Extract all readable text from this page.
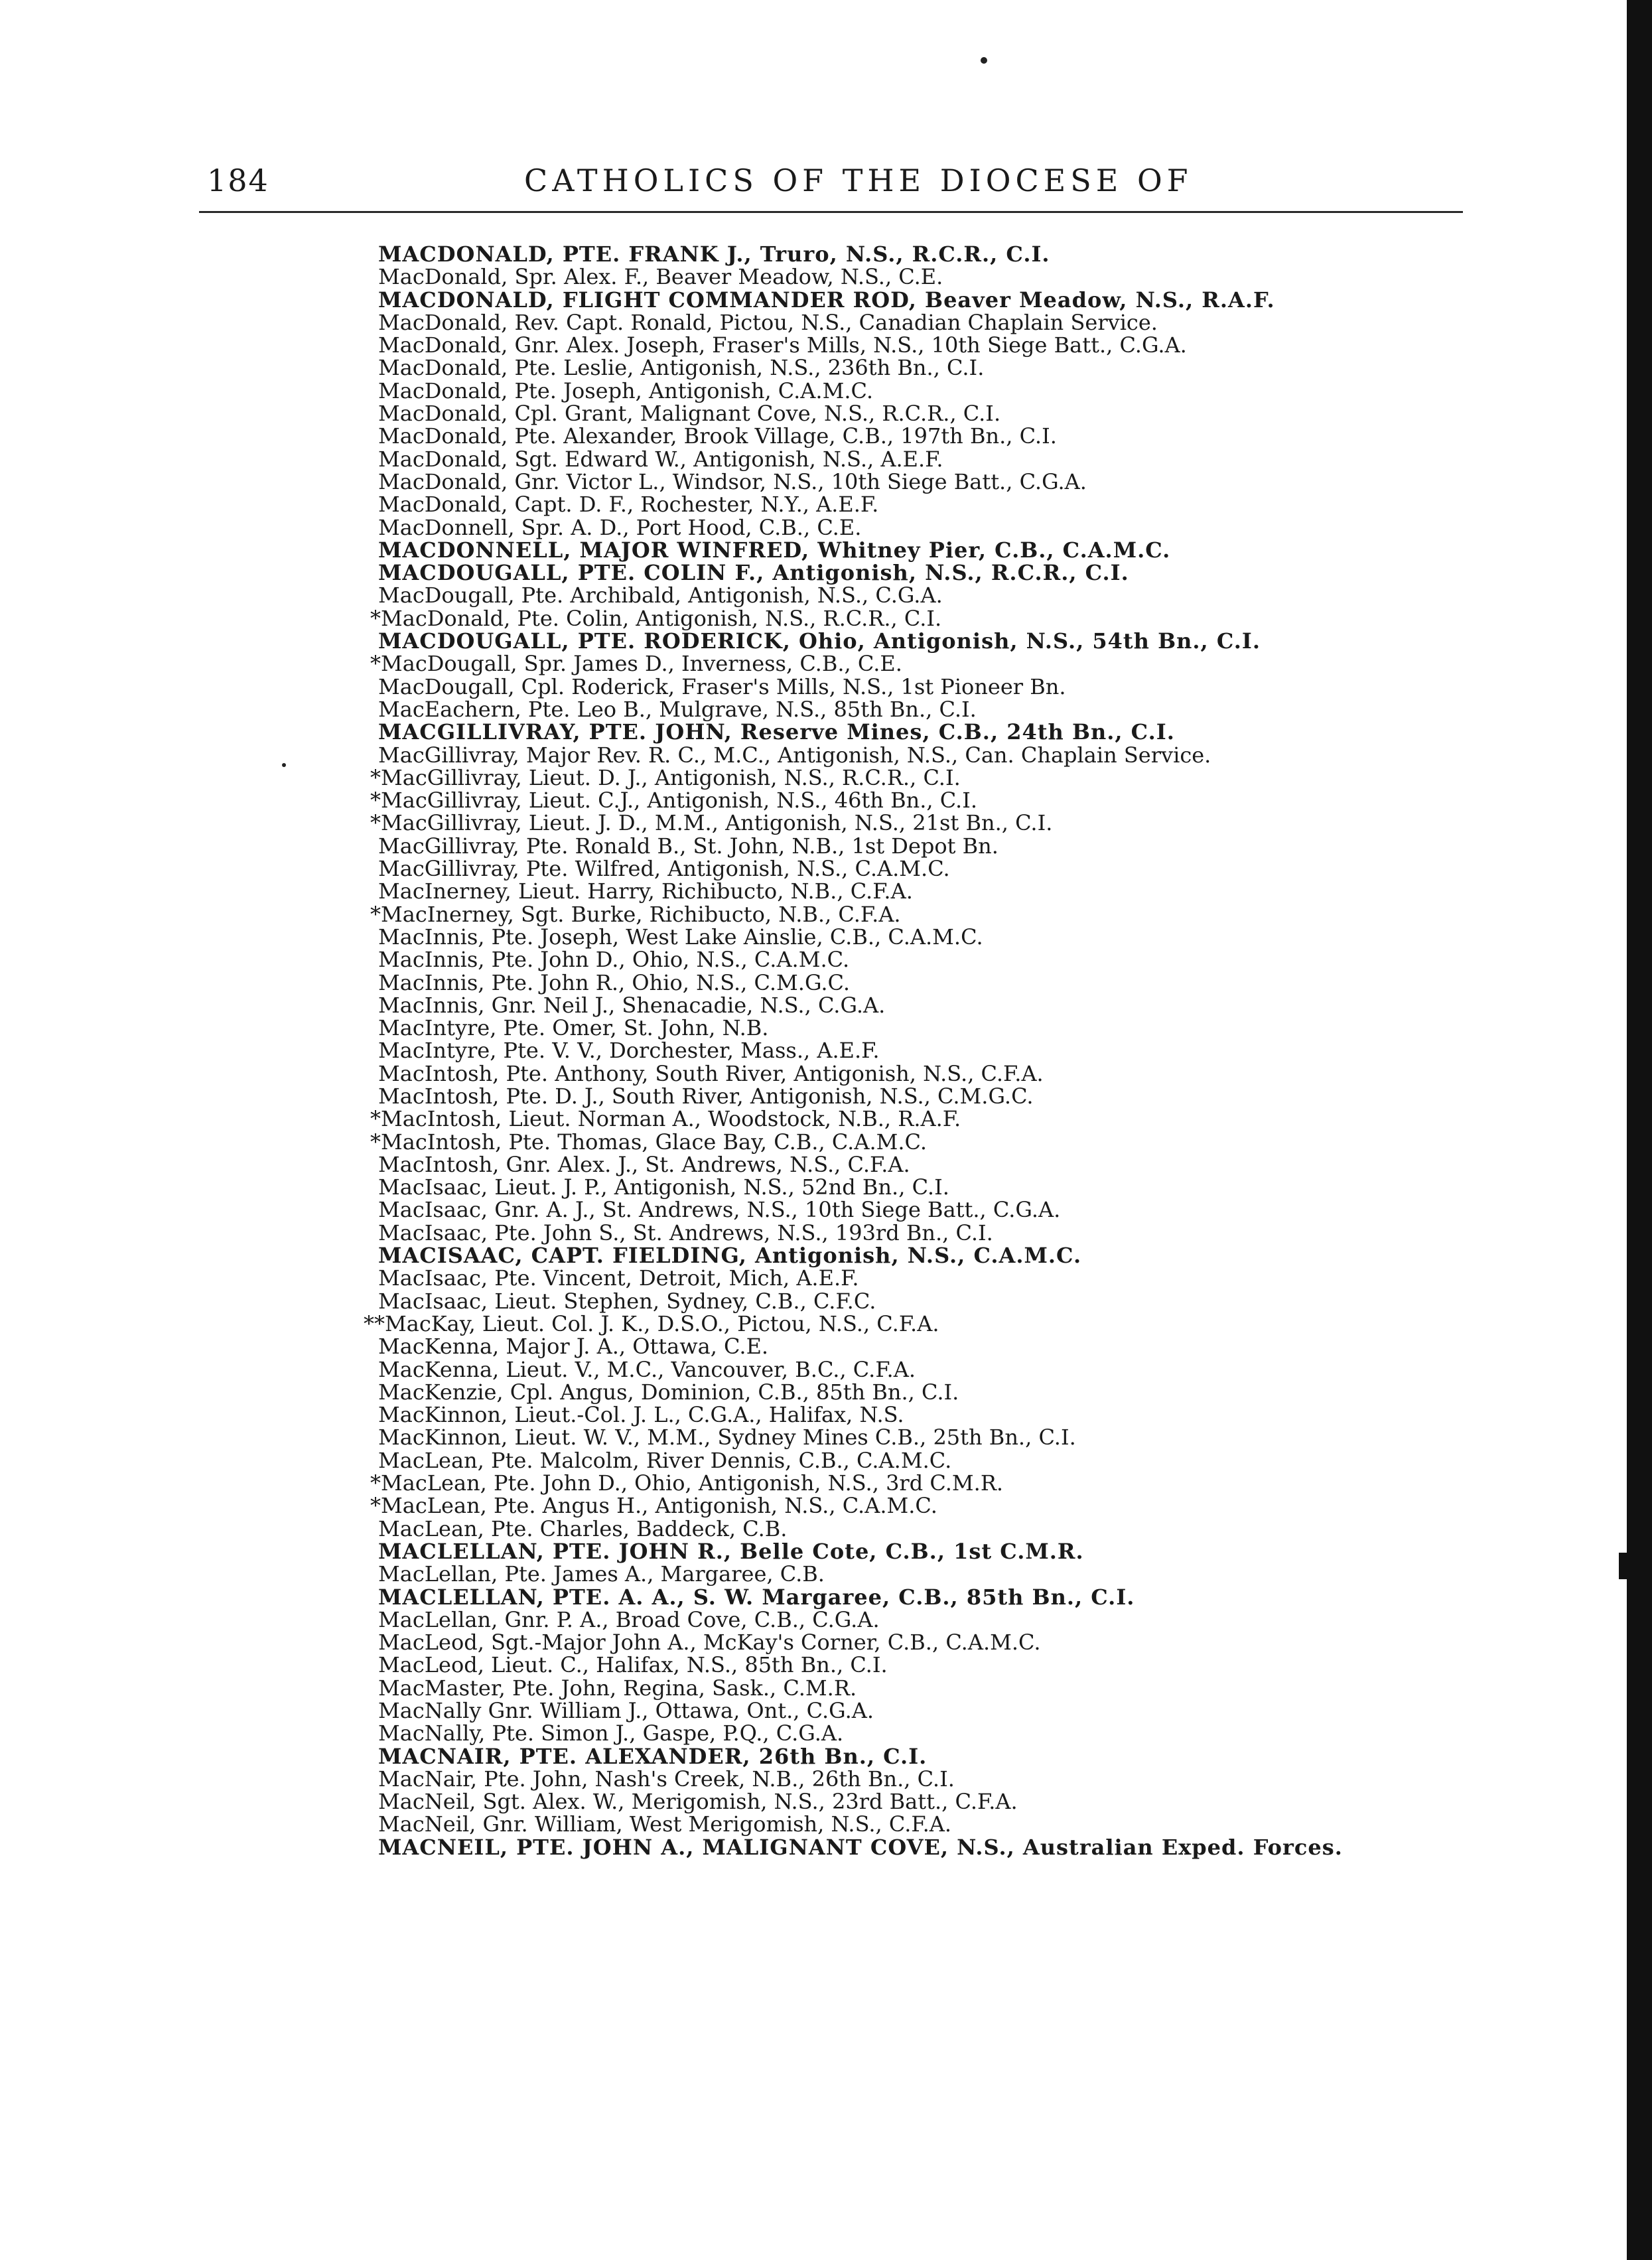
184	CATHOLICS OF THE DIOCESE OF
MACDONALD, PTE. FRANK J., Truro, N.S., R.C.R., C.I.
MacDonald, Spr. Alex. F., Beaver Meadow, N.S., C.E.
MACDONALD, FLIGHT COMMANDER ROD, Beaver Meadow, N.S., R.A.F.
MacDonald, Rev. Capt. Ronald, Pictou, N.S., Canadian Chaplain Service.
MacDonald, Gnr. Alex. Joseph, Fraser's Mills, N.S., 10th Siege Batt., C.G.A.
MacDonald, Pte. Leslie, Antigonish, N.S., 236th Bn., C.I.
MacDonald, Pte. Joseph, Antigonish, C.A.M.C.
MacDonald, Cpl. Grant, Malignant Cove, N.S., R.C.R., C.I.
MacDonald, Pte. Alexander, Brook Village, C.B., 197th Bn., C.I.
MacDonald, Sgt. Edward W., Antigonish, N.S., A.E.F.
MacDonald, Gnr. Victor L., Windsor, N.S., 10th Siege Batt., C.G.A.
MacDonald, Capt. D. F., Rochester, N.Y., A.E.F.
MacDonnell, Spr. A. D., Port Hood, C.B., C.E.
MACDONNELL, MAJOR WINFRED, Whitney Pier, C.B., C.A.M.C.
MACDOUGALL, PTE. COLIN F., Antigonish, N.S., R.C.R., C.I.
MacDougall, Pte. Archibald, Antigonish, N.S., C.G.A.
*MacDonald, Pte. Colin, Antigonish, N.S., R.C.R., C.I.
MACDOUGALL, PTE. RODERICK, Ohio, Antigonish, N.S., 54th Bn., C.I.
*MacDougall, Spr. James D., Inverness, C.B., C.E.
MacDougall, Cpl. Roderick, Fraser's Mills, N.S., 1st Pioneer Bn.
MacEachern, Pte. Leo B., Mulgrave, N.S., 85th Bn., C.I.
MACGILLIVRAY, PTE. JOHN, Reserve Mines, C.B., 24th Bn., C.I.
MacGillivray, Major Rev. R. C., M.C., Antigonish, N.S., Can. Chaplain Service.
*MacGillivray, Lieut. D. J., Antigonish, N.S., R.C.R., C.I.
*MacGillivray, Lieut. C.J., Antigonish, N.S., 46th Bn., C.I.
*MacGillivray, Lieut. J. D., M.M., Antigonish, N.S., 21st Bn., C.I.
MacGillivray, Pte. Ronald B., St. John, N.B., 1st Depot Bn.
MacGillivray, Pte. Wilfred, Antigonish, N.S., C.A.M.C.
MacInerney, Lieut. Harry, Richibucto, N.B., C.F.A.
*MacInerney, Sgt. Burke, Richibucto, N.B., C.F.A.
MacInnis, Pte. Joseph, West Lake Ainslie, C.B., C.A.M.C.
MacInnis, Pte. John D., Ohio, N.S., C.A.M.C.
MacInnis, Pte. John R., Ohio, N.S., C.M.G.C.
MacInnis, Gnr. Neil J., Shenacadie, N.S., C.G.A.
MacIntyre, Pte. Omer, St. John, N.B.
MacIntyre, Pte. V. V., Dorchester, Mass., A.E.F.
MacIntosh, Pte. Anthony, South River, Antigonish, N.S., C.F.A.
MacIntosh, Pte. D. J., South River, Antigonish, N.S., C.M.G.C.
*MacIntosh, Lieut. Norman A., Woodstock, N.B., R.A.F.
*MacIntosh, Pte. Thomas, Glace Bay, C.B., C.A.M.C.
MacIntosh, Gnr. Alex. J., St. Andrews, N.S., C.F.A.
MacIsaac, Lieut. J. P., Antigonish, N.S., 52nd Bn., C.I.
MacIsaac, Gnr. A. J., St. Andrews, N.S., 10th Siege Batt., C.G.A.
MacIsaac, Pte. John S., St. Andrews, N.S., 193rd Bn., C.I.
MACISAAC, CAPT. FIELDING, Antigonish, N.S., C.A.M.C.
MacIsaac, Pte. Vincent, Detroit, Mich, A.E.F.
MacIsaac, Lieut. Stephen, Sydney, C.B., C.F.C.
**MacKay, Lieut. Col. J. K., D.S.O., Pictou, N.S., C.F.A.
MacKenna, Major J. A., Ottawa, C.E.
MacKenna, Lieut. V., M.C., Vancouver, B.C., C.F.A.
MacKenzie, Cpl. Angus, Dominion, C.B., 85th Bn., C.I.
MacKinnon, Lieut.-Col. J. L., C.G.A., Halifax, N.S.
MacKinnon, Lieut. W. V., M.M., Sydney Mines C.B., 25th Bn., C.I.
MacLean, Pte. Malcolm, River Dennis, C.B., C.A.M.C.
*MacLean, Pte. John D., Ohio, Antigonish, N.S., 3rd C.M.R.
*MacLean, Pte. Angus H., Antigonish, N.S., C.A.M.C.
MacLean, Pte. Charles, Baddeck, C.B.
MACLELLAN, PTE. JOHN R., Belle Cote, C.B., 1st C.M.R.
MacLellan, Pte. James A., Margaree, C.B.
MACLELLAN, PTE. A. A., S. W. Margaree, C.B., 85th Bn., C.I.
MacLellan, Gnr. P. A., Broad Cove, C.B., C.G.A.
MacLeod, Sgt.-Major John A., McKay's Corner, C.B., C.A.M.C.
MacLeod, Lieut. C., Halifax, N.S., 85th Bn., C.I.
MacMaster, Pte. John, Regina, Sask., C.M.R.
MacNally Gnr. William J., Ottawa, Ont., C.G.A.
MacNally, Pte. Simon J., Gaspe, P.Q., C.G.A.
MACNAIR, PTE. ALEXANDER, 26th Bn., C.I.
MacNair, Pte. John, Nash's Creek, N.B., 26th Bn., C.I.
MacNeil, Sgt. Alex. W., Merigomish, N.S., 23rd Batt., C.F.A.
MacNeil, Gnr. William, West Merigomish, N.S., C.F.A.
MACNEIL, PTE. JOHN A., MALIGNANT COVE, N.S., Australian Exped. Forces.
